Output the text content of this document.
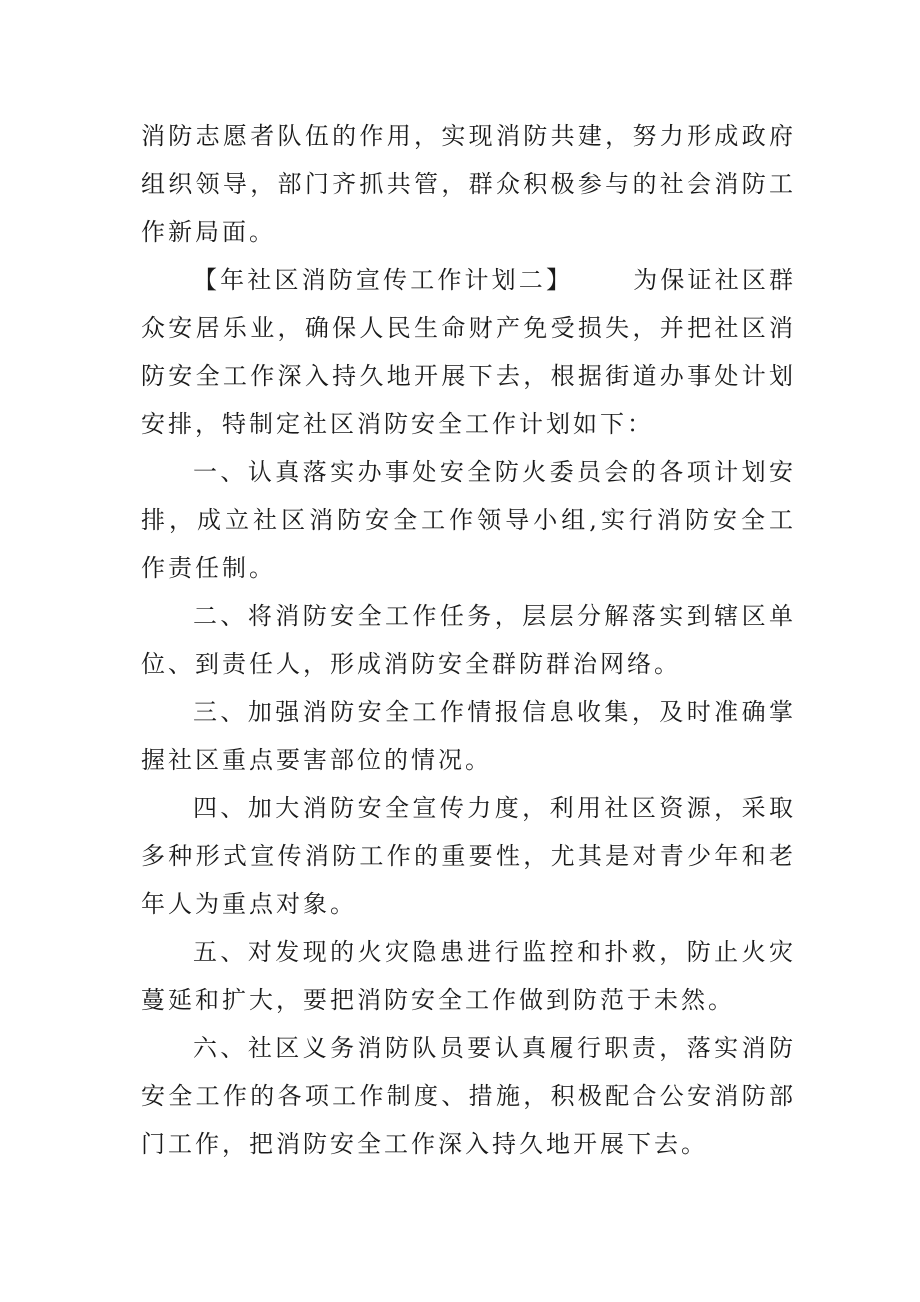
消防志愿者队伍的作用，实现消防共建，努力形成政府组织领导，部门齐抓共管，群众积极参与的社会消防工作新局面。

【年社区消防宣传工作计划二】	为保证社区群众安居乐业，确保人民生命财产免受损失，并把社区消防安全工作深入持久地开展下去，根据街道办事处计划安排，特制定社区消防安全工作计划如下：

一、认真落实办事处安全防火委员会的各项计划安排，成立社区消防安全工作领导小组,实行消防安全工作责任制。

二、将消防安全工作任务，层层分解落实到辖区单位、到责任人，形成消防安全群防群治网络。

三、加强消防安全工作情报信息收集，及时准确掌握社区重点要害部位的情况。

四、加大消防安全宣传力度，利用社区资源，采取多种形式宣传消防工作的重要性，尤其是对青少年和老年人为重点对象。

五、对发现的火灾隐患进行监控和扑救，防止火灾蔓延和扩大，要把消防安全工作做到防范于未然。

六、社区义务消防队员要认真履行职责，落实消防安全工作的各项工作制度、措施，积极配合公安消防部门工作，把消防安全工作深入持久地开展下去。
